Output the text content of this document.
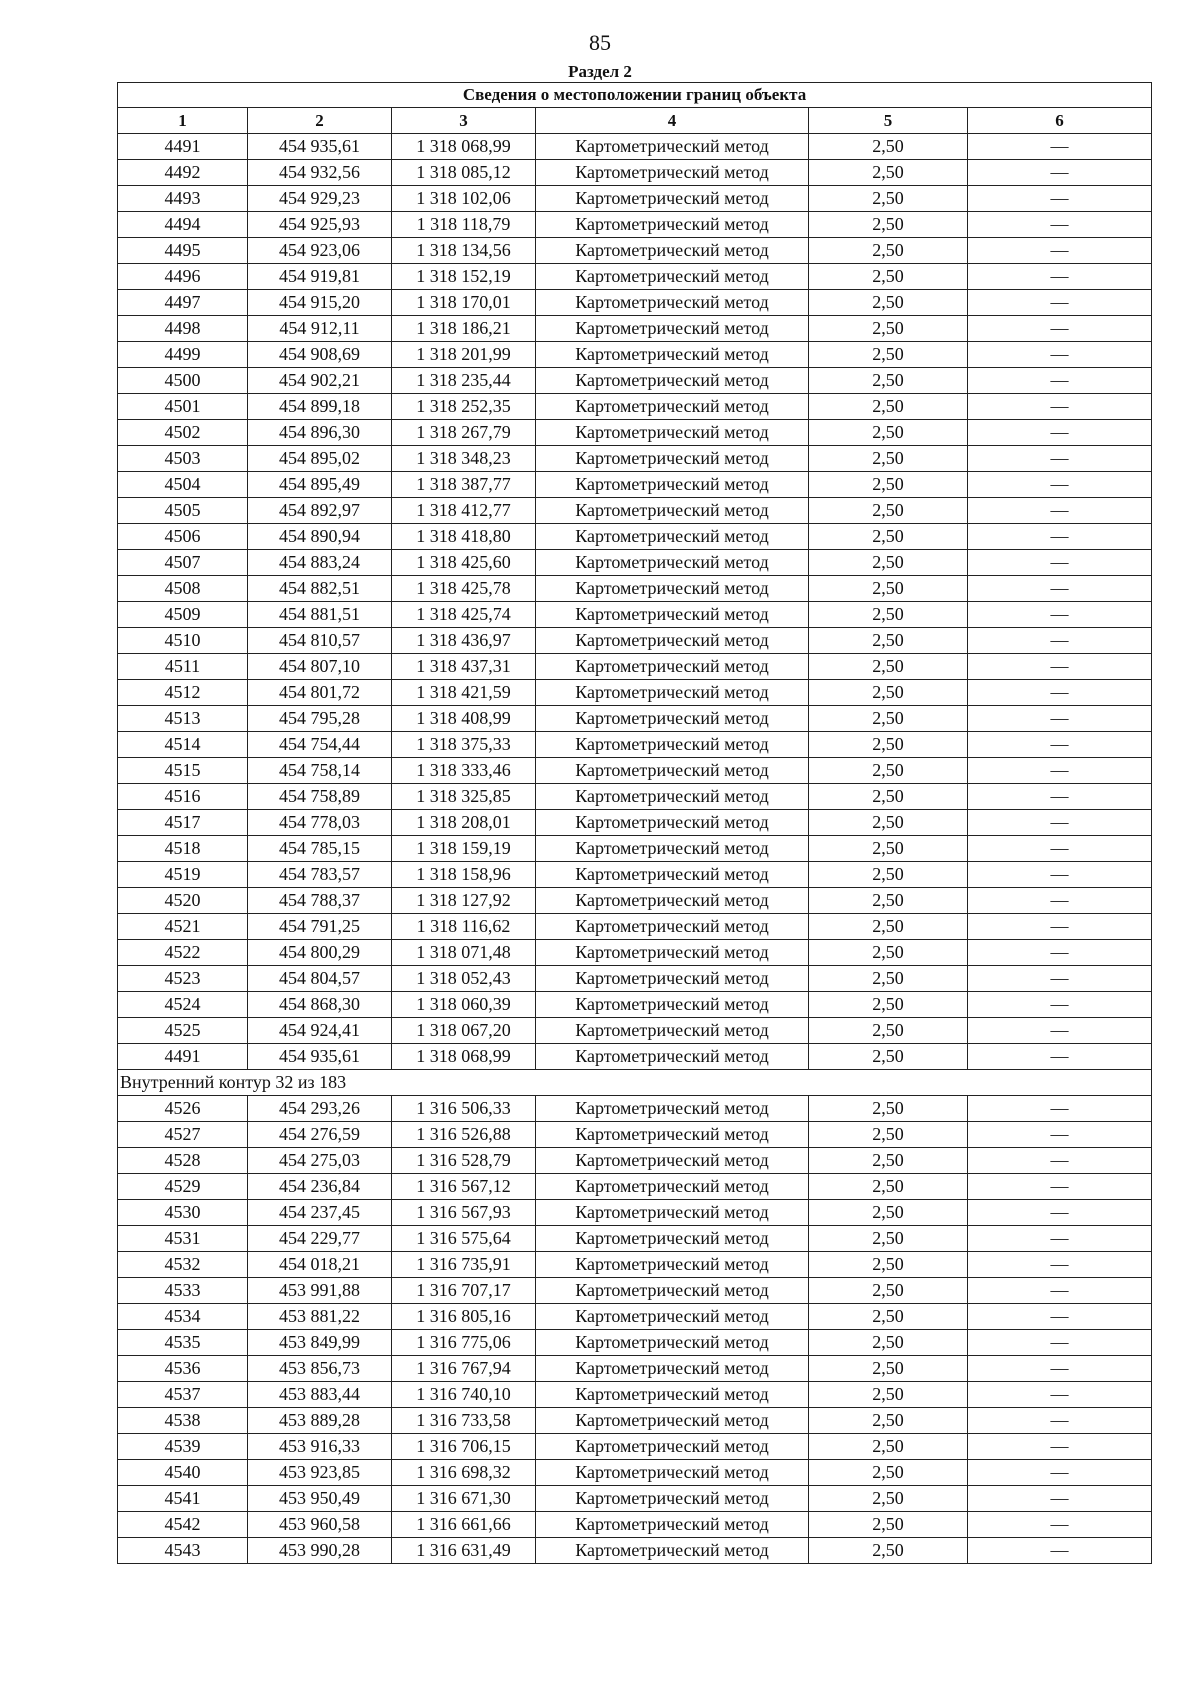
85
Раздел 2
Сведения о местоположении границ объекта					
1	2	3	4	5	6
4491	454 935,61	1 318 068,99	Картометрический метод	2,50	—
4492	454 932,56	1 318 085,12	Картометрический метод	2,50	—
4493	454 929,23	1 318 102,06	Картометрический метод	2,50	—
4494	454 925,93	1 318 118,79	Картометрический метод	2,50	—
4495	454 923,06	1 318 134,56	Картометрический метод	2,50	—
4496	454 919,81	1 318 152,19	Картометрический метод	2,50	—
4497	454 915,20	1 318 170,01	Картометрический метод	2,50	—
4498	454 912,11	1 318 186,21	Картометрический метод	2,50	—
4499	454 908,69	1 318 201,99	Картометрический метод	2,50	—
4500	454 902,21	1 318 235,44	Картометрический метод	2,50	—
4501	454 899,18	1 318 252,35	Картометрический метод	2,50	—
4502	454 896,30	1 318 267,79	Картометрический метод	2,50	—
4503	454 895,02	1 318 348,23	Картометрический метод	2,50	—
4504	454 895,49	1 318 387,77	Картометрический метод	2,50	—
4505	454 892,97	1 318 412,77	Картометрический метод	2,50	—
4506	454 890,94	1 318 418,80	Картометрический метод	2,50	—
4507	454 883,24	1 318 425,60	Картометрический метод	2,50	—
4508	454 882,51	1 318 425,78	Картометрический метод	2,50	—
4509	454 881,51	1 318 425,74	Картометрический метод	2,50	—
4510	454 810,57	1 318 436,97	Картометрический метод	2,50	—
4511	454 807,10	1 318 437,31	Картометрический метод	2,50	—
4512	454 801,72	1 318 421,59	Картометрический метод	2,50	—
4513	454 795,28	1 318 408,99	Картометрический метод	2,50	—
4514	454 754,44	1 318 375,33	Картометрический метод	2,50	—
4515	454 758,14	1 318 333,46	Картометрический метод	2,50	—
4516	454 758,89	1 318 325,85	Картометрический метод	2,50	—
4517	454 778,03	1 318 208,01	Картометрический метод	2,50	—
4518	454 785,15	1 318 159,19	Картометрический метод	2,50	—
4519	454 783,57	1 318 158,96	Картометрический метод	2,50	—
4520	454 788,37	1 318 127,92	Картометрический метод	2,50	—
4521	454 791,25	1 318 116,62	Картометрический метод	2,50	—
4522	454 800,29	1 318 071,48	Картометрический метод	2,50	—
4523	454 804,57	1 318 052,43	Картометрический метод	2,50	—
4524	454 868,30	1 318 060,39	Картометрический метод	2,50	—
4525	454 924,41	1 318 067,20	Картометрический метод	2,50	—
4491	454 935,61	1 318 068,99	Картометрический метод	2,50	—
Внутренний контур 32 из 183					
4526	454 293,26	1 316 506,33	Картометрический метод	2,50	—
4527	454 276,59	1 316 526,88	Картометрический метод	2,50	—
4528	454 275,03	1 316 528,79	Картометрический метод	2,50	—
4529	454 236,84	1 316 567,12	Картометрический метод	2,50	—
4530	454 237,45	1 316 567,93	Картометрический метод	2,50	—
4531	454 229,77	1 316 575,64	Картометрический метод	2,50	—
4532	454 018,21	1 316 735,91	Картометрический метод	2,50	—
4533	453 991,88	1 316 707,17	Картометрический метод	2,50	—
4534	453 881,22	1 316 805,16	Картометрический метод	2,50	—
4535	453 849,99	1 316 775,06	Картометрический метод	2,50	—
4536	453 856,73	1 316 767,94	Картометрический метод	2,50	—
4537	453 883,44	1 316 740,10	Картометрический метод	2,50	—
4538	453 889,28	1 316 733,58	Картометрический метод	2,50	—
4539	453 916,33	1 316 706,15	Картометрический метод	2,50	—
4540	453 923,85	1 316 698,32	Картометрический метод	2,50	—
4541	453 950,49	1 316 671,30	Картометрический метод	2,50	—
4542	453 960,58	1 316 661,66	Картометрический метод	2,50	—
4543	453 990,28	1 316 631,49	Картометрический метод	2,50	—
